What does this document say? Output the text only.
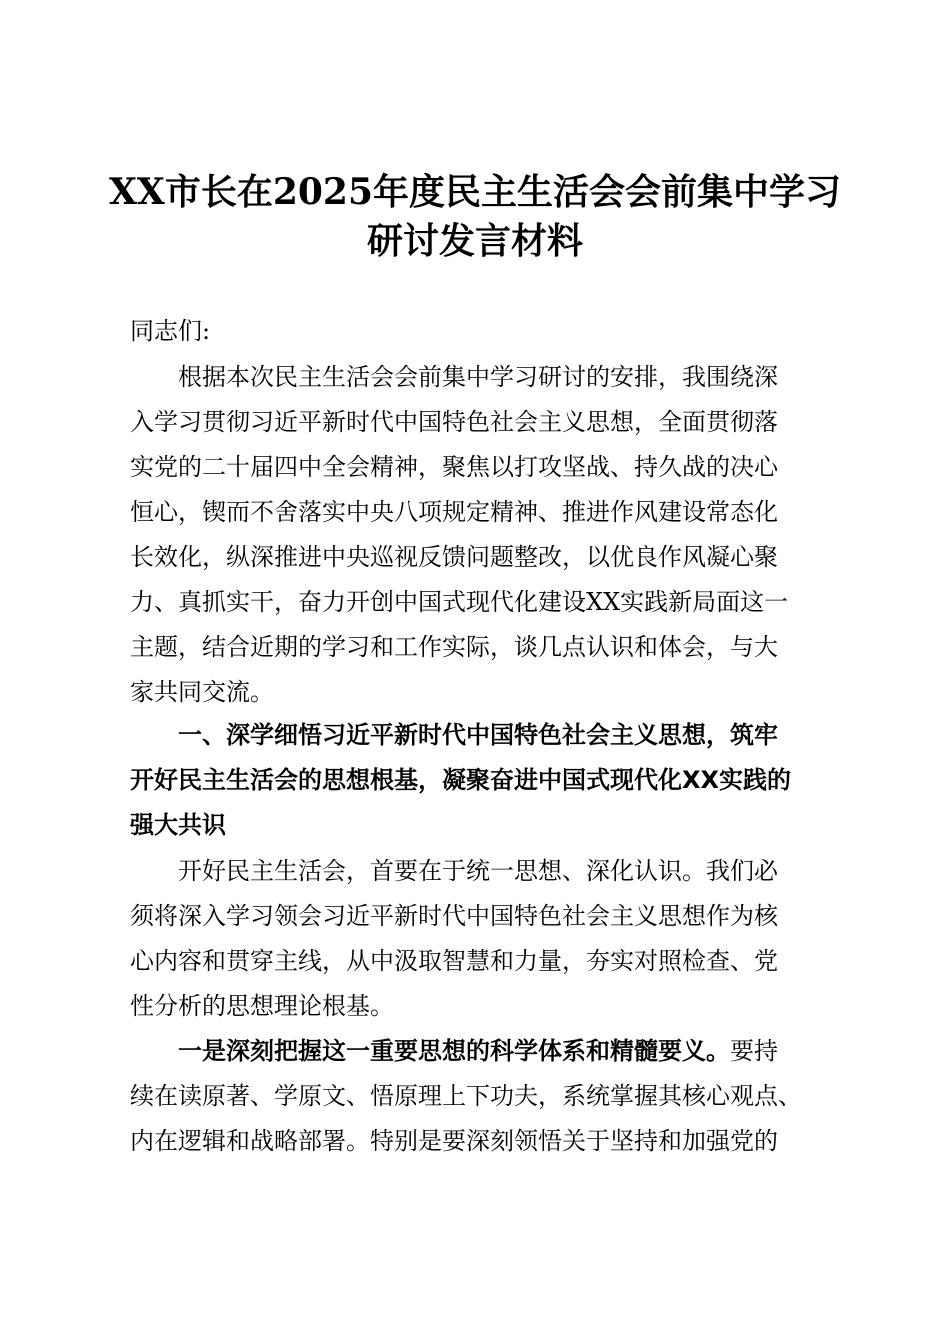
XX市长在2025年度民主生活会会前集中学习
研讨发言材料

同志们:

根据本次民主生活会会前集中学习研讨的安排，我围绕深

入学习贯彻习近平新时代中国特色社会主义思想，全面贯彻落

实党的二十届四中全会精神，聚焦以打攻坚战、持久战的决心

恒心，锲而不舍落实中央八项规定精神、推进作风建设常态化

长效化，纵深推进中央巡视反馈问题整改，以优良作风凝心聚

力、真抓实干，奋力开创中国式现代化建设XX实践新局面这一

主题，结合近期的学习和工作实际，谈几点认识和体会，与大

家共同交流。

一、深学细悟习近平新时代中国特色社会主义思想，筑牢

开好民主生活会的思想根基，凝聚奋进中国式现代化XX实践的

强大共识

开好民主生活会，首要在于统一思想、深化认识。我们必

须将深入学习领会习近平新时代中国特色社会主义思想作为核

心内容和贯穿主线，从中汲取智慧和力量，夯实对照检查、党

性分析的思想理论根基。

一是深刻把握这一重要思想的科学体系和精髓要义。要持

续在读原著、学原文、悟原理上下功夫，系统掌握其核心观点、

内在逻辑和战略部署。特别是要深刻领悟关于坚持和加强党的
